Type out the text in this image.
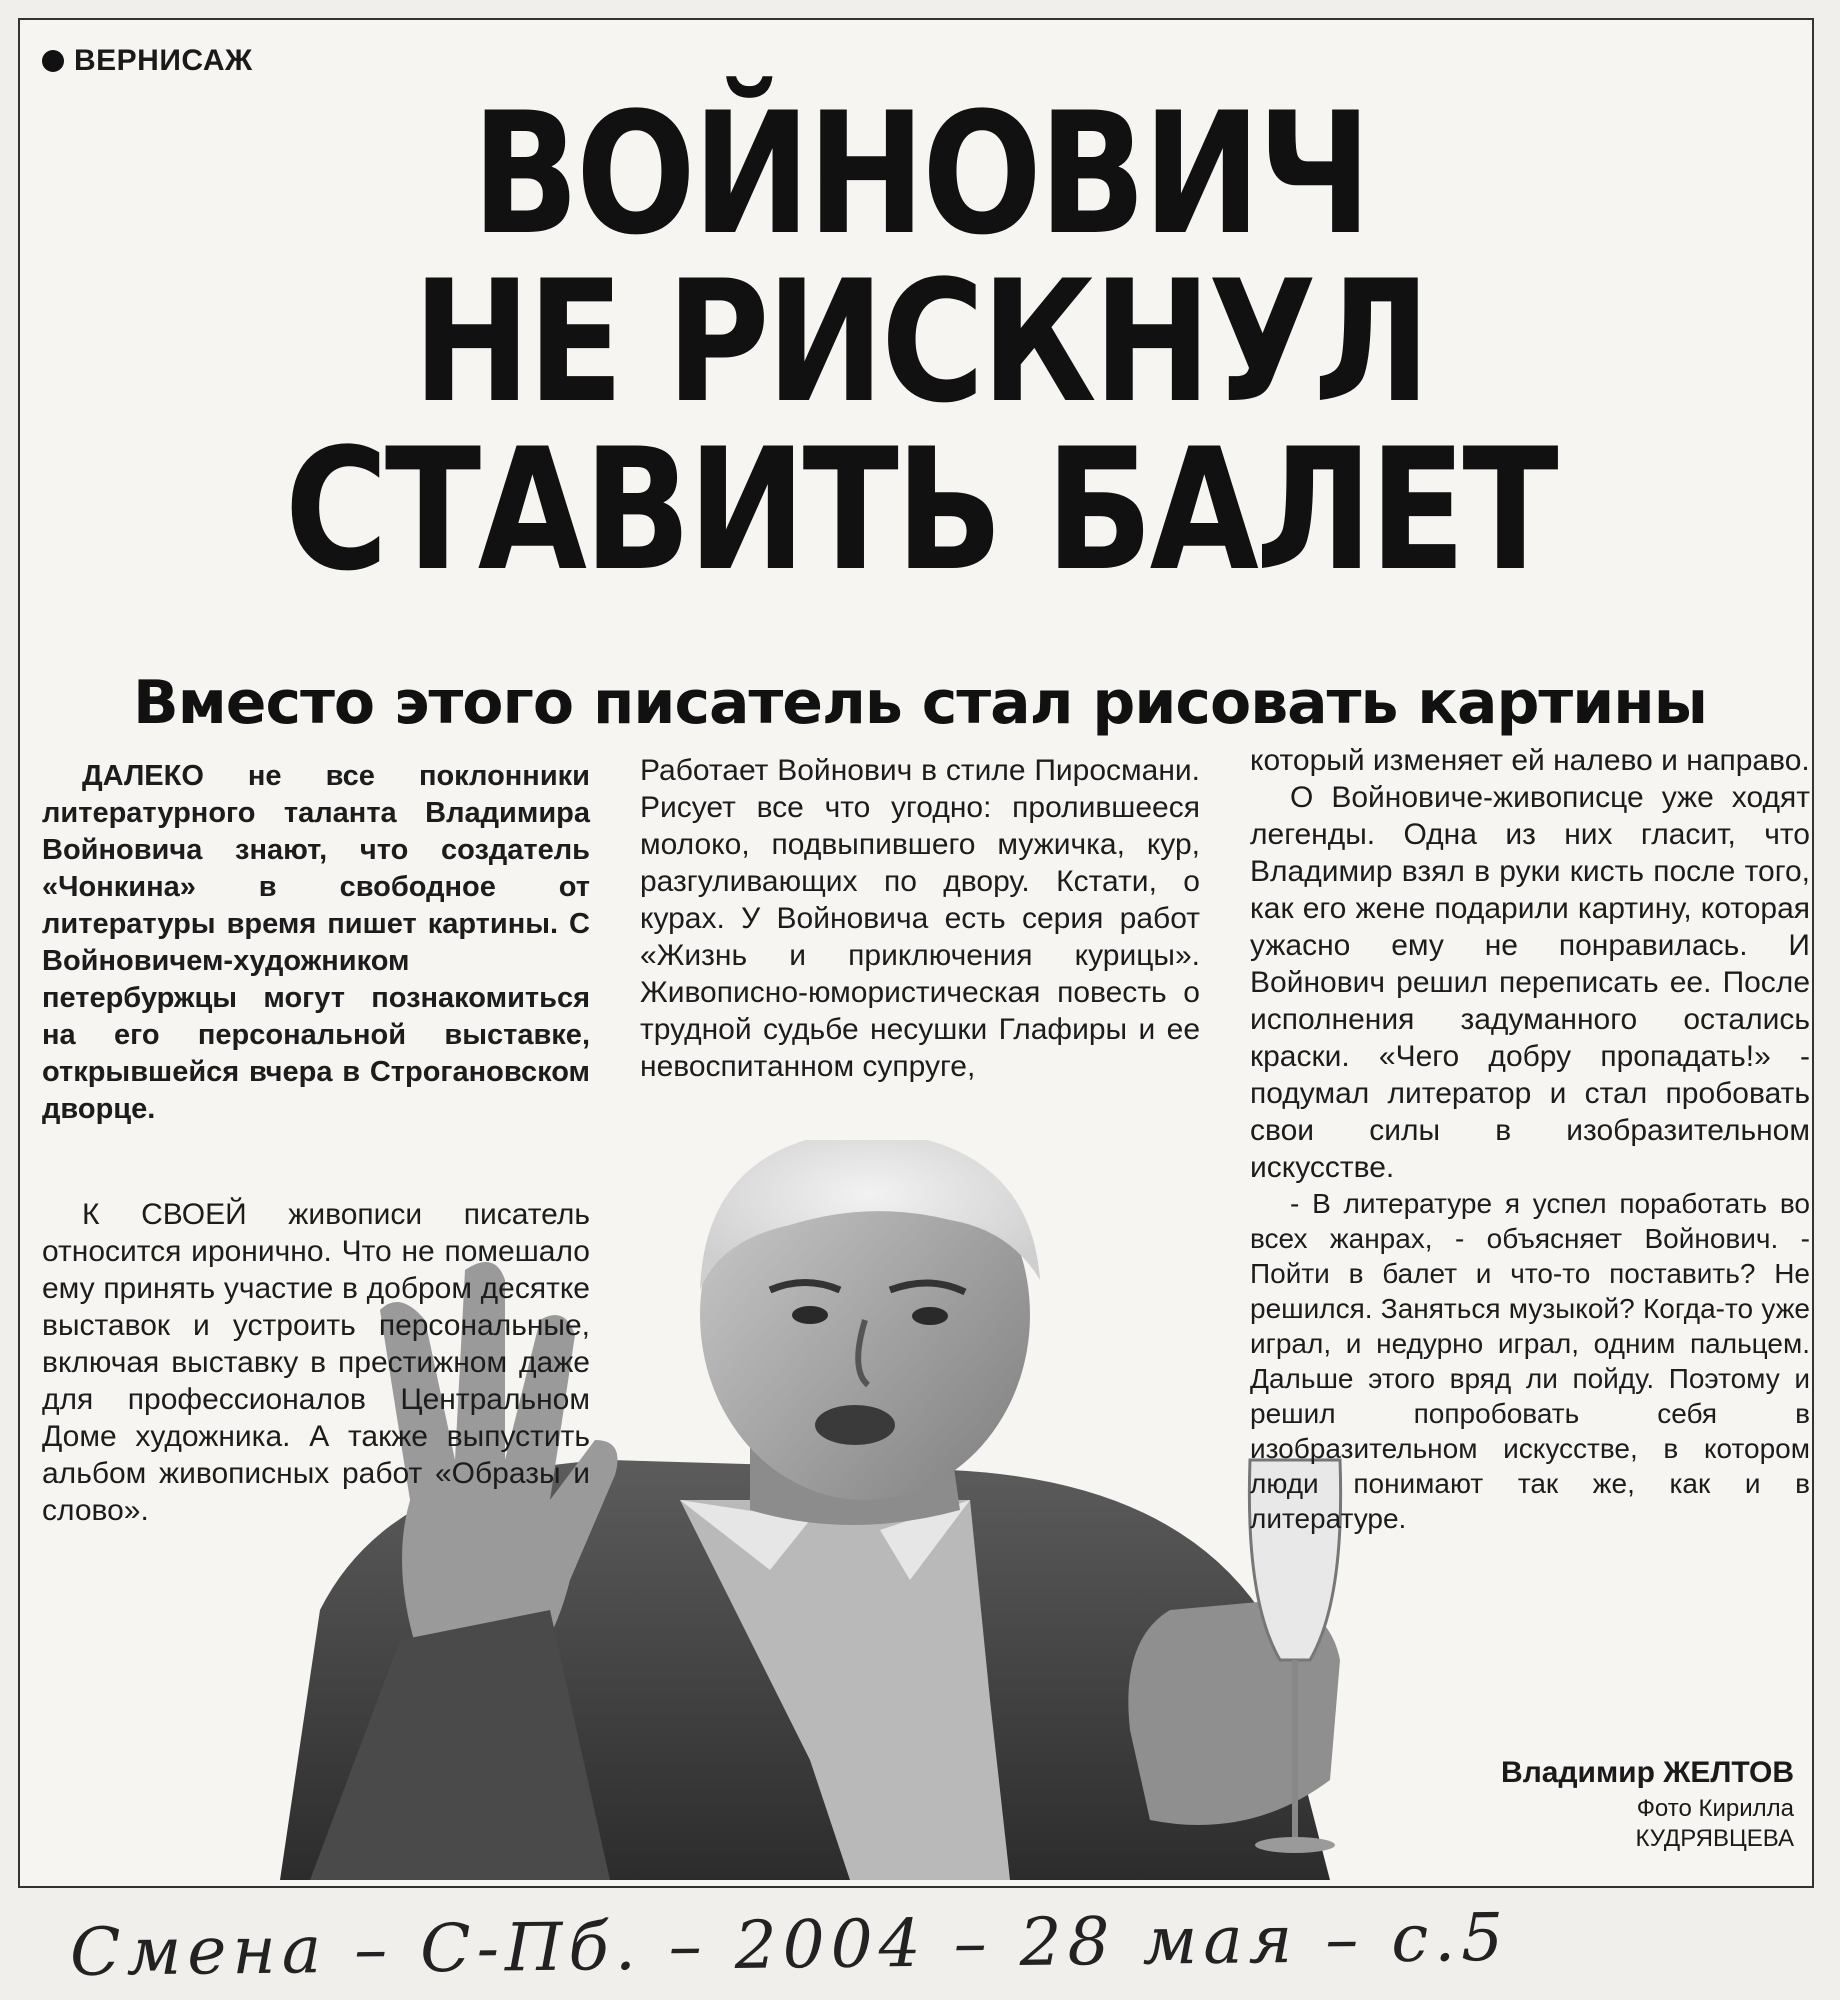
ВЕРНИСАЖ
ВОЙНОВИЧ
НЕ РИСКНУЛ
СТАВИТЬ БАЛЕТ
Вместо этого писатель стал рисовать картины

ДАЛЕКО не все поклонники литературного таланта Владимира Войновича знают, что создатель «Чонкина» в свободное от литературы время пишет картины. С Войновичем-художником петербуржцы могут познакомиться на его персональной выставке, открывшейся вчера в Строгановском дворце.

К СВОЕЙ живописи писатель относится иронично. Что не помешало ему принять участие в добром десятке выставок и устроить персональные, включая выставку в престижном даже для профессионалов Центральном Доме художника. А также выпустить альбом живописных работ «Образы и слово».

Работает Войнович в стиле Пиросмани. Рисует все что угодно: пролившееся молоко, подвыпившего мужичка, кур, разгуливающих по двору. Кстати, о курах. У Войновича есть серия работ «Жизнь и приключения курицы». Живописно-юмористическая повесть о трудной судьбе несушки Глафиры и ее невоспитанном супруге,

который изменяет ей налево и направо.

О Войновиче-живописце уже ходят легенды. Одна из них гласит, что Владимир взял в руки кисть после того, как его жене подарили картину, которая ужасно ему не понравилась. И Войнович решил переписать ее. После исполнения задуманного остались краски. «Чего добру пропадать!» - подумал литератор и стал пробовать свои силы в изобразительном искусстве.

- В литературе я успел поработать во всех жанрах, - объясняет Войнович. - Пойти в балет и что-то поставить? Не решился. Заняться музыкой? Когда-то уже играл, и недурно играл, одним пальцем. Дальше этого вряд ли пойду. Поэтому и решил попробовать себя в изобразительном искусстве, в котором люди понимают так же, как и в литературе.

Владимир ЖЕЛТОВ
Фото Кирилла
КУДРЯВЦЕВА
Смена – С-Пб. – 2004 – 28 мая – с.5
